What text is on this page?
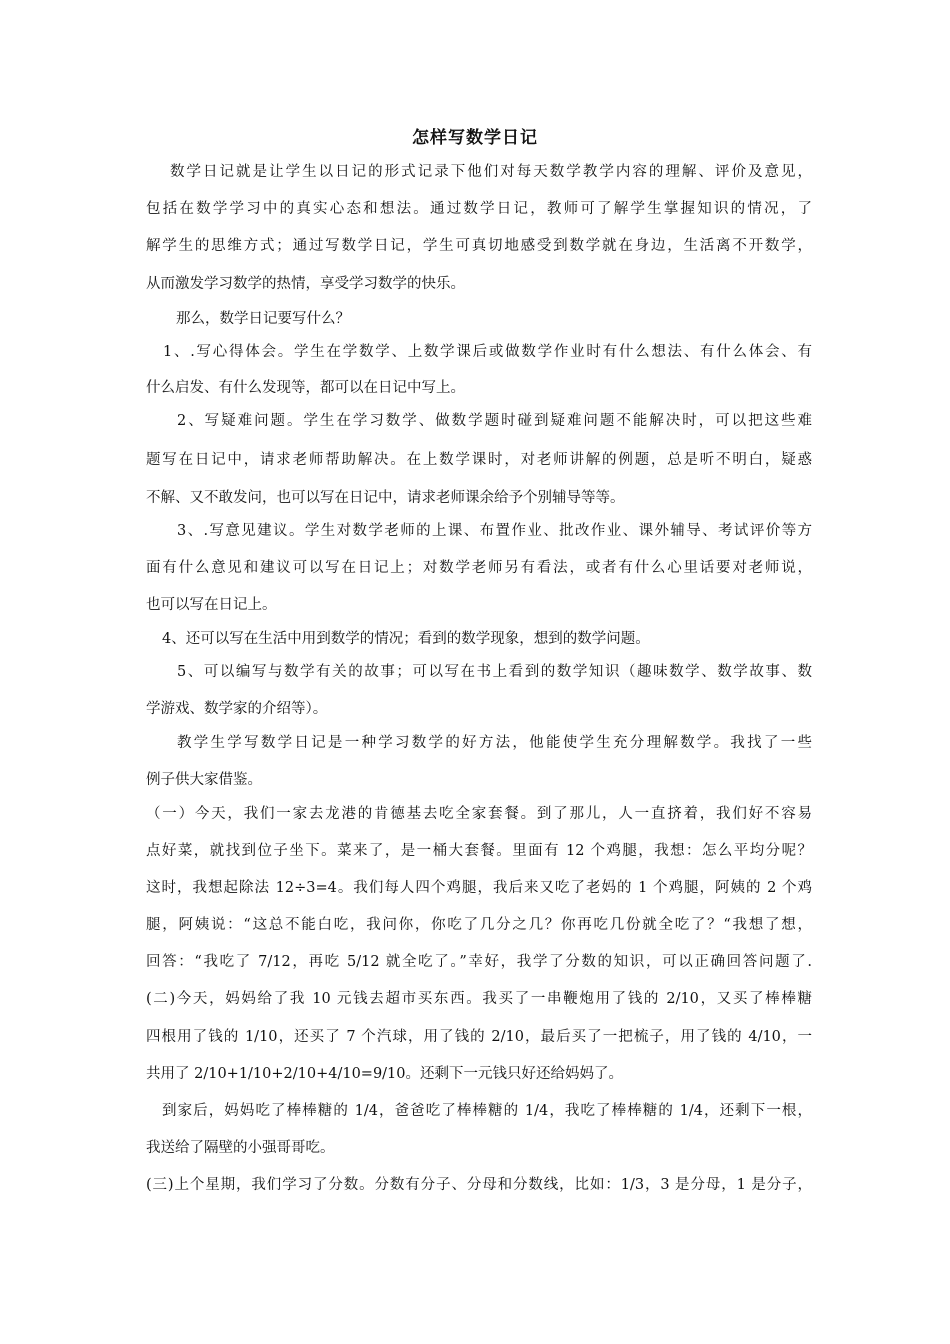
怎样写数学日记
数学日记就是让学生以日记的形式记录下他们对每天数学教学内容的理解、评价及意见，
包括在数学学习中的真实心态和想法。通过数学日记，教师可了解学生掌握知识的情况，了
解学生的思维方式；通过写数学日记，学生可真切地感受到数学就在身边，生活离不开数学，
从而激发学习数学的热情，享受学习数学的快乐。
那么，数学日记要写什么？
1、.写心得体会。学生在学数学、上数学课后或做数学作业时有什么想法、有什么体会、有
什么启发、有什么发现等，都可以在日记中写上。
2、写疑难问题。学生在学习数学、做数学题时碰到疑难问题不能解决时，可以把这些难
题写在日记中，请求老师帮助解决。在上数学课时，对老师讲解的例题，总是听不明白，疑惑
不解、又不敢发问，也可以写在日记中，请求老师课余给予个别辅导等等。
3、.写意见建议。学生对数学老师的上课、布置作业、批改作业、课外辅导、考试评价等方
面有什么意见和建议可以写在日记上；对数学老师另有看法，或者有什么心里话要对老师说，
也可以写在日记上。
4、还可以写在生活中用到数学的情况；看到的数学现象，想到的数学问题。
5、可以编写与数学有关的故事；可以写在书上看到的数学知识（趣味数学、数学故事、数
学游戏、数学家的介绍等）。
教学生学写数学日记是一种学习数学的好方法，他能使学生充分理解数学。我找了一些
例子供大家借鉴。
（一）今天，我们一家去龙港的肯德基去吃全家套餐。到了那儿，人一直挤着，我们好不容易
点好菜，就找到位子坐下。菜来了，是一桶大套餐。里面有 12 个鸡腿，我想：怎么平均分呢？
这时，我想起除法 12÷3=4。我们每人四个鸡腿，我后来又吃了老妈的 1 个鸡腿，阿姨的 2 个鸡
腿，阿姨说：“这总不能白吃，我问你，你吃了几分之几？你再吃几份就全吃了？“我想了想，
回答：“我吃了 7/12，再吃 5/12 就全吃了。”幸好，我学了分数的知识，可以正确回答问题了.
(二)今天，妈妈给了我 10 元钱去超市买东西。我买了一串鞭炮用了钱的 2/10，又买了棒棒糖
四根用了钱的 1/10，还买了 7 个汽球，用了钱的 2/10，最后买了一把梳子，用了钱的 4/10，一
共用了 2/10+1/10+2/10+4/10=9/10。还剩下一元钱只好还给妈妈了。
到家后，妈妈吃了棒棒糖的 1/4，爸爸吃了棒棒糖的 1/4，我吃了棒棒糖的 1/4，还剩下一根，
我送给了隔壁的小强哥哥吃。
(三)上个星期，我们学习了分数。分数有分子、分母和分数线，比如：1/3，3 是分母，1 是分子，
